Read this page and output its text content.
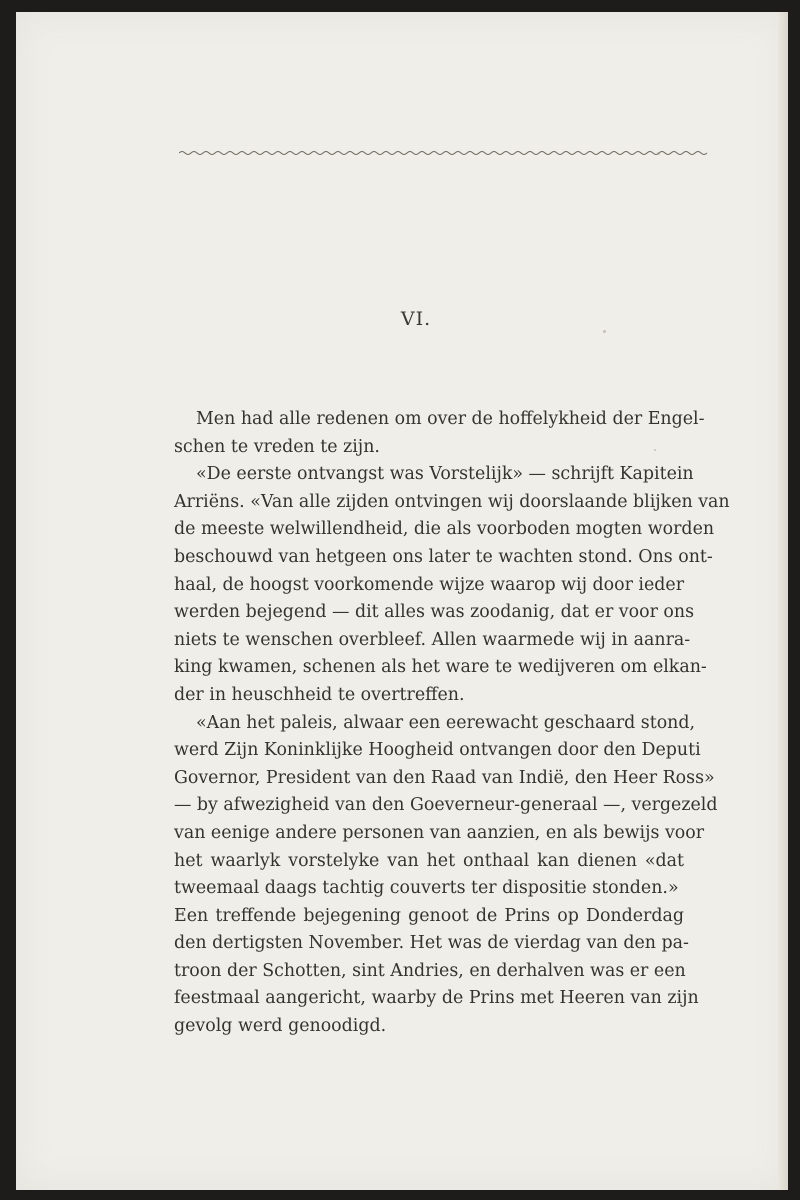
VI.
Men had alle redenen om over de hoffelykheid der Engel-
schen te vreden te zijn.
«De eerste ontvangst was Vorstelijk» — schrijft Kapitein
Arriëns. «Van alle zijden ontvingen wij doorslaande blijken van
de meeste welwillendheid, die als voorboden mogten worden
beschouwd van hetgeen ons later te wachten stond. Ons ont-
haal, de hoogst voorkomende wijze waarop wij door ieder
werden bejegend — dit alles was zoodanig, dat er voor ons
niets te wenschen overbleef. Allen waarmede wij in aanra-
king kwamen, schenen als het ware te wedijveren om elkan-
der in heuschheid te overtreffen.
«Aan het paleis, alwaar een eerewacht geschaard stond,
werd Zijn Koninklijke Hoogheid ontvangen door den Deputi
Governor, President van den Raad van Indië, den Heer Ross»
— by afwezigheid van den Goeverneur-generaal —, vergezeld
van eenige andere personen van aanzien, en als bewijs voor
het waarlyk vorstelyke van het onthaal kan dienen «dat
tweemaal daags tachtig couverts ter dispositie stonden.»
Een treffende bejegening genoot de Prins op Donderdag
den dertigsten November. Het was de vierdag van den pa-
troon der Schotten, sint Andries, en derhalven was er een
feestmaal aangericht, waarby de Prins met Heeren van zijn
gevolg werd genoodigd.
